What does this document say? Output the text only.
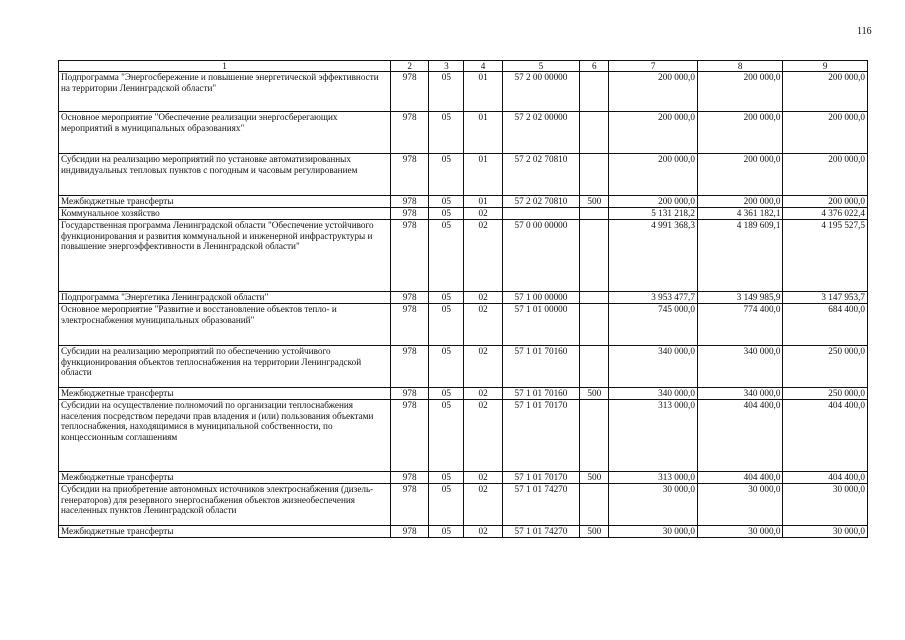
116
1	2	3	4	5	6	7	8	9
Подпрограмма "Энергосбережение и повышение энергетической эффективности на территории Ленинградской области"	978	05	01	57 2 00 00000		200 000,0	200 000,0	200 000,0
Основное мероприятие "Обеспечение реализации энергосберегающих мероприятий в муниципальных образованиях"	978	05	01	57 2 02 00000		200 000,0	200 000,0	200 000,0
Субсидии на реализацию мероприятий по установке автоматизированных индивидуальных тепловых пунктов с погодным и часовым регулированием	978	05	01	57 2 02 70810		200 000,0	200 000,0	200 000,0
Межбюджетные трансферты	978	05	01	57 2 02 70810	500	200 000,0	200 000,0	200 000,0
Коммунальное хозяйство	978	05	02			5 131 218,2	4 361 182,1	4 376 022,4
Государственная программа Ленинградской области "Обеспечение устойчивого функционирования и развития коммунальной и инженерной инфраструктуры и повышение энергоэффективности в Ленинградской области"	978	05	02	57 0 00 00000		4 991 368,3	4 189 609,1	4 195 527,5
Подпрограмма "Энергетика Ленинградской области"	978	05	02	57 1 00 00000		3 953 477,7	3 149 985,9	3 147 953,7
Основное мероприятие "Развитие и восстановление объектов тепло- и электроснабжения муниципальных образований"	978	05	02	57 1 01 00000		745 000,0	774 400,0	684 400,0
Субсидии на реализацию мероприятий по обеспечению устойчивого функционирования объектов теплоснабжения на территории Ленинградской области	978	05	02	57 1 01 70160		340 000,0	340 000,0	250 000,0
Межбюджетные трансферты	978	05	02	57 1 01 70160	500	340 000,0	340 000,0	250 000,0
Субсидии на осуществление полномочий по организации теплоснабжения населения посредством передачи прав владения и (или) пользования объектами теплоснабжения, находящимися в муниципальной собственности, по концессионным соглашениям	978	05	02	57 1 01 70170		313 000,0	404 400,0	404 400,0
Межбюджетные трансферты	978	05	02	57 1 01 70170	500	313 000,0	404 400,0	404 400,0
Субсидии на приобретение автономных источников электроснабжения (дизель-генераторов) для резервного энергоснабжения объектов жизнеобеспечения населенных пунктов Ленинградской области	978	05	02	57 1 01 74270		30 000,0	30 000,0	30 000,0
Межбюджетные трансферты	978	05	02	57 1 01 74270	500	30 000,0	30 000,0	30 000,0
